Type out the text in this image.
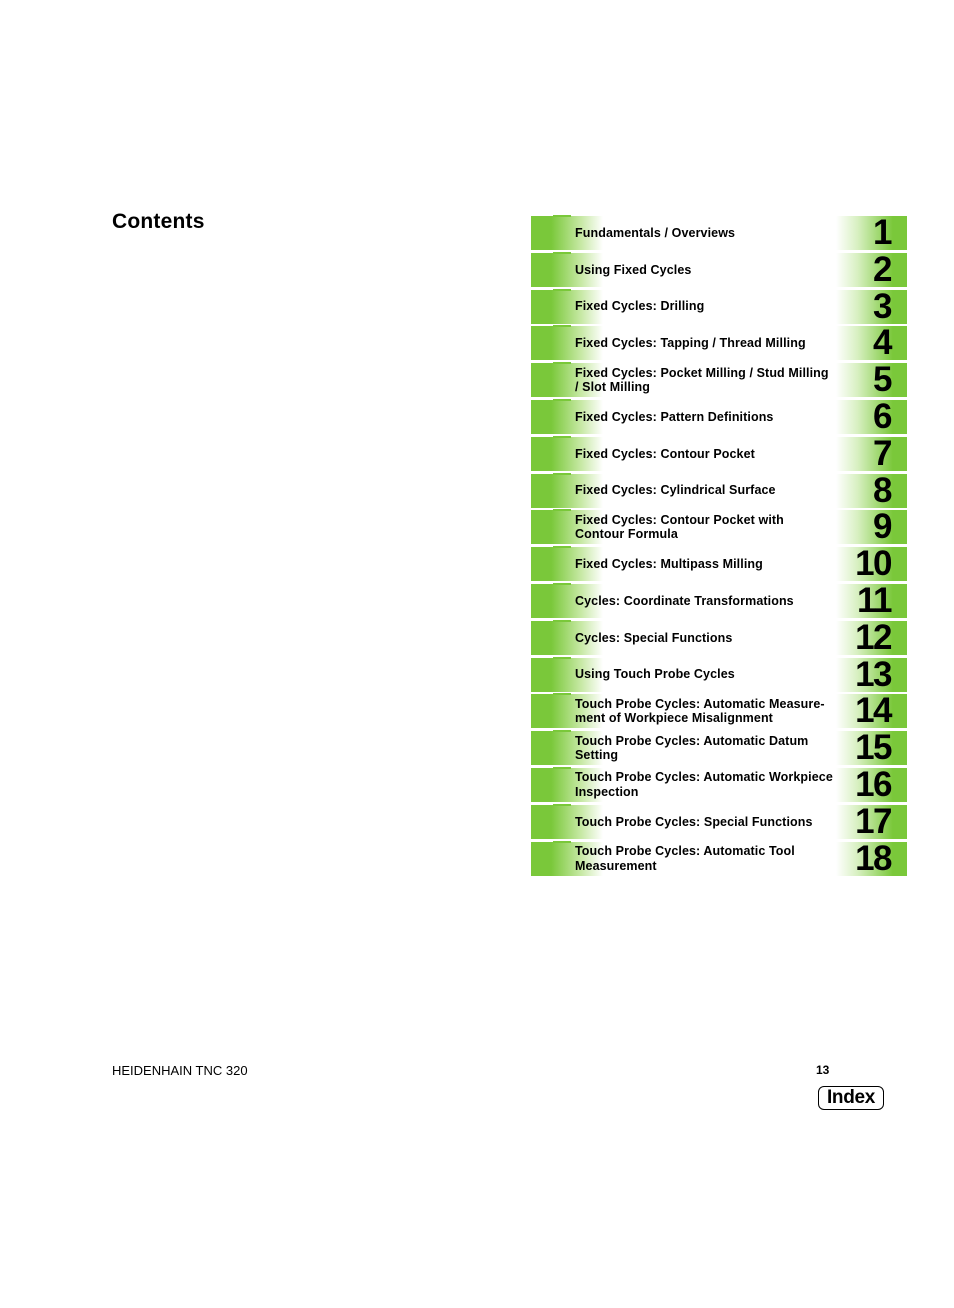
Contents	Fundamentals / Overviews	1
Using Fixed Cycles	2
Fixed Cycles: Drilling	3
Fixed Cycles: Tapping / Thread Milling	4
Fixed Cycles: Pocket Milling / Stud Milling / Slot Milling	5
Fixed Cycles: Pattern Definitions	6
Fixed Cycles: Contour Pocket	7
Fixed Cycles: Cylindrical Surface	8
Fixed Cycles: Contour Pocket with Contour Formula	9
Fixed Cycles: Multipass Milling	10
Cycles: Coordinate Transformations	11
Cycles: Special Functions	12
Using Touch Probe Cycles	13
Touch Probe Cycles: Automatic Measure-ment of Workpiece Misalignment	14
Touch Probe Cycles: Automatic Datum Setting	15
Touch Probe Cycles: Automatic Workpiece Inspection	16
Touch Probe Cycles: Special Functions	17
Touch Probe Cycles: Automatic Tool Measurement	18
HEIDENHAIN TNC 320	13
Index
